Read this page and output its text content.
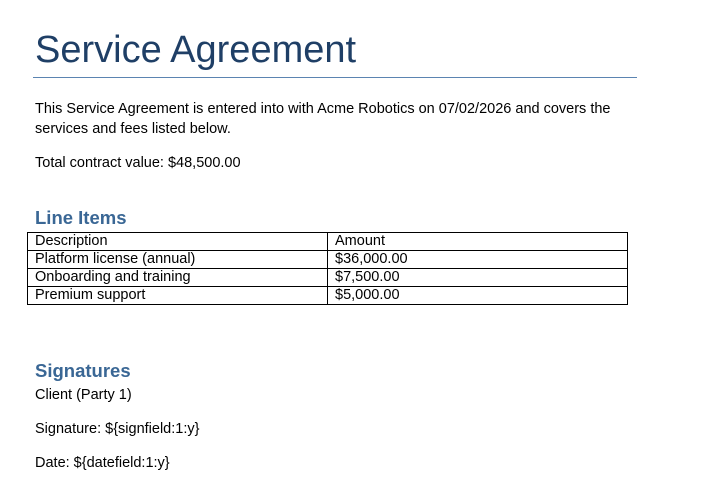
Service Agreement

This Service Agreement is entered into with Acme Robotics on 07/02/2026 and covers the services and fees listed below.

Total contract value: $48,500.00

Line Items
Description	Amount
Platform license (annual)	$36,000.00
Onboarding and training	$7,500.00
Premium support	$5,000.00
Signatures

Client (Party 1)

Signature: ${signfield:1:y}

Date: ${datefield:1:y}
